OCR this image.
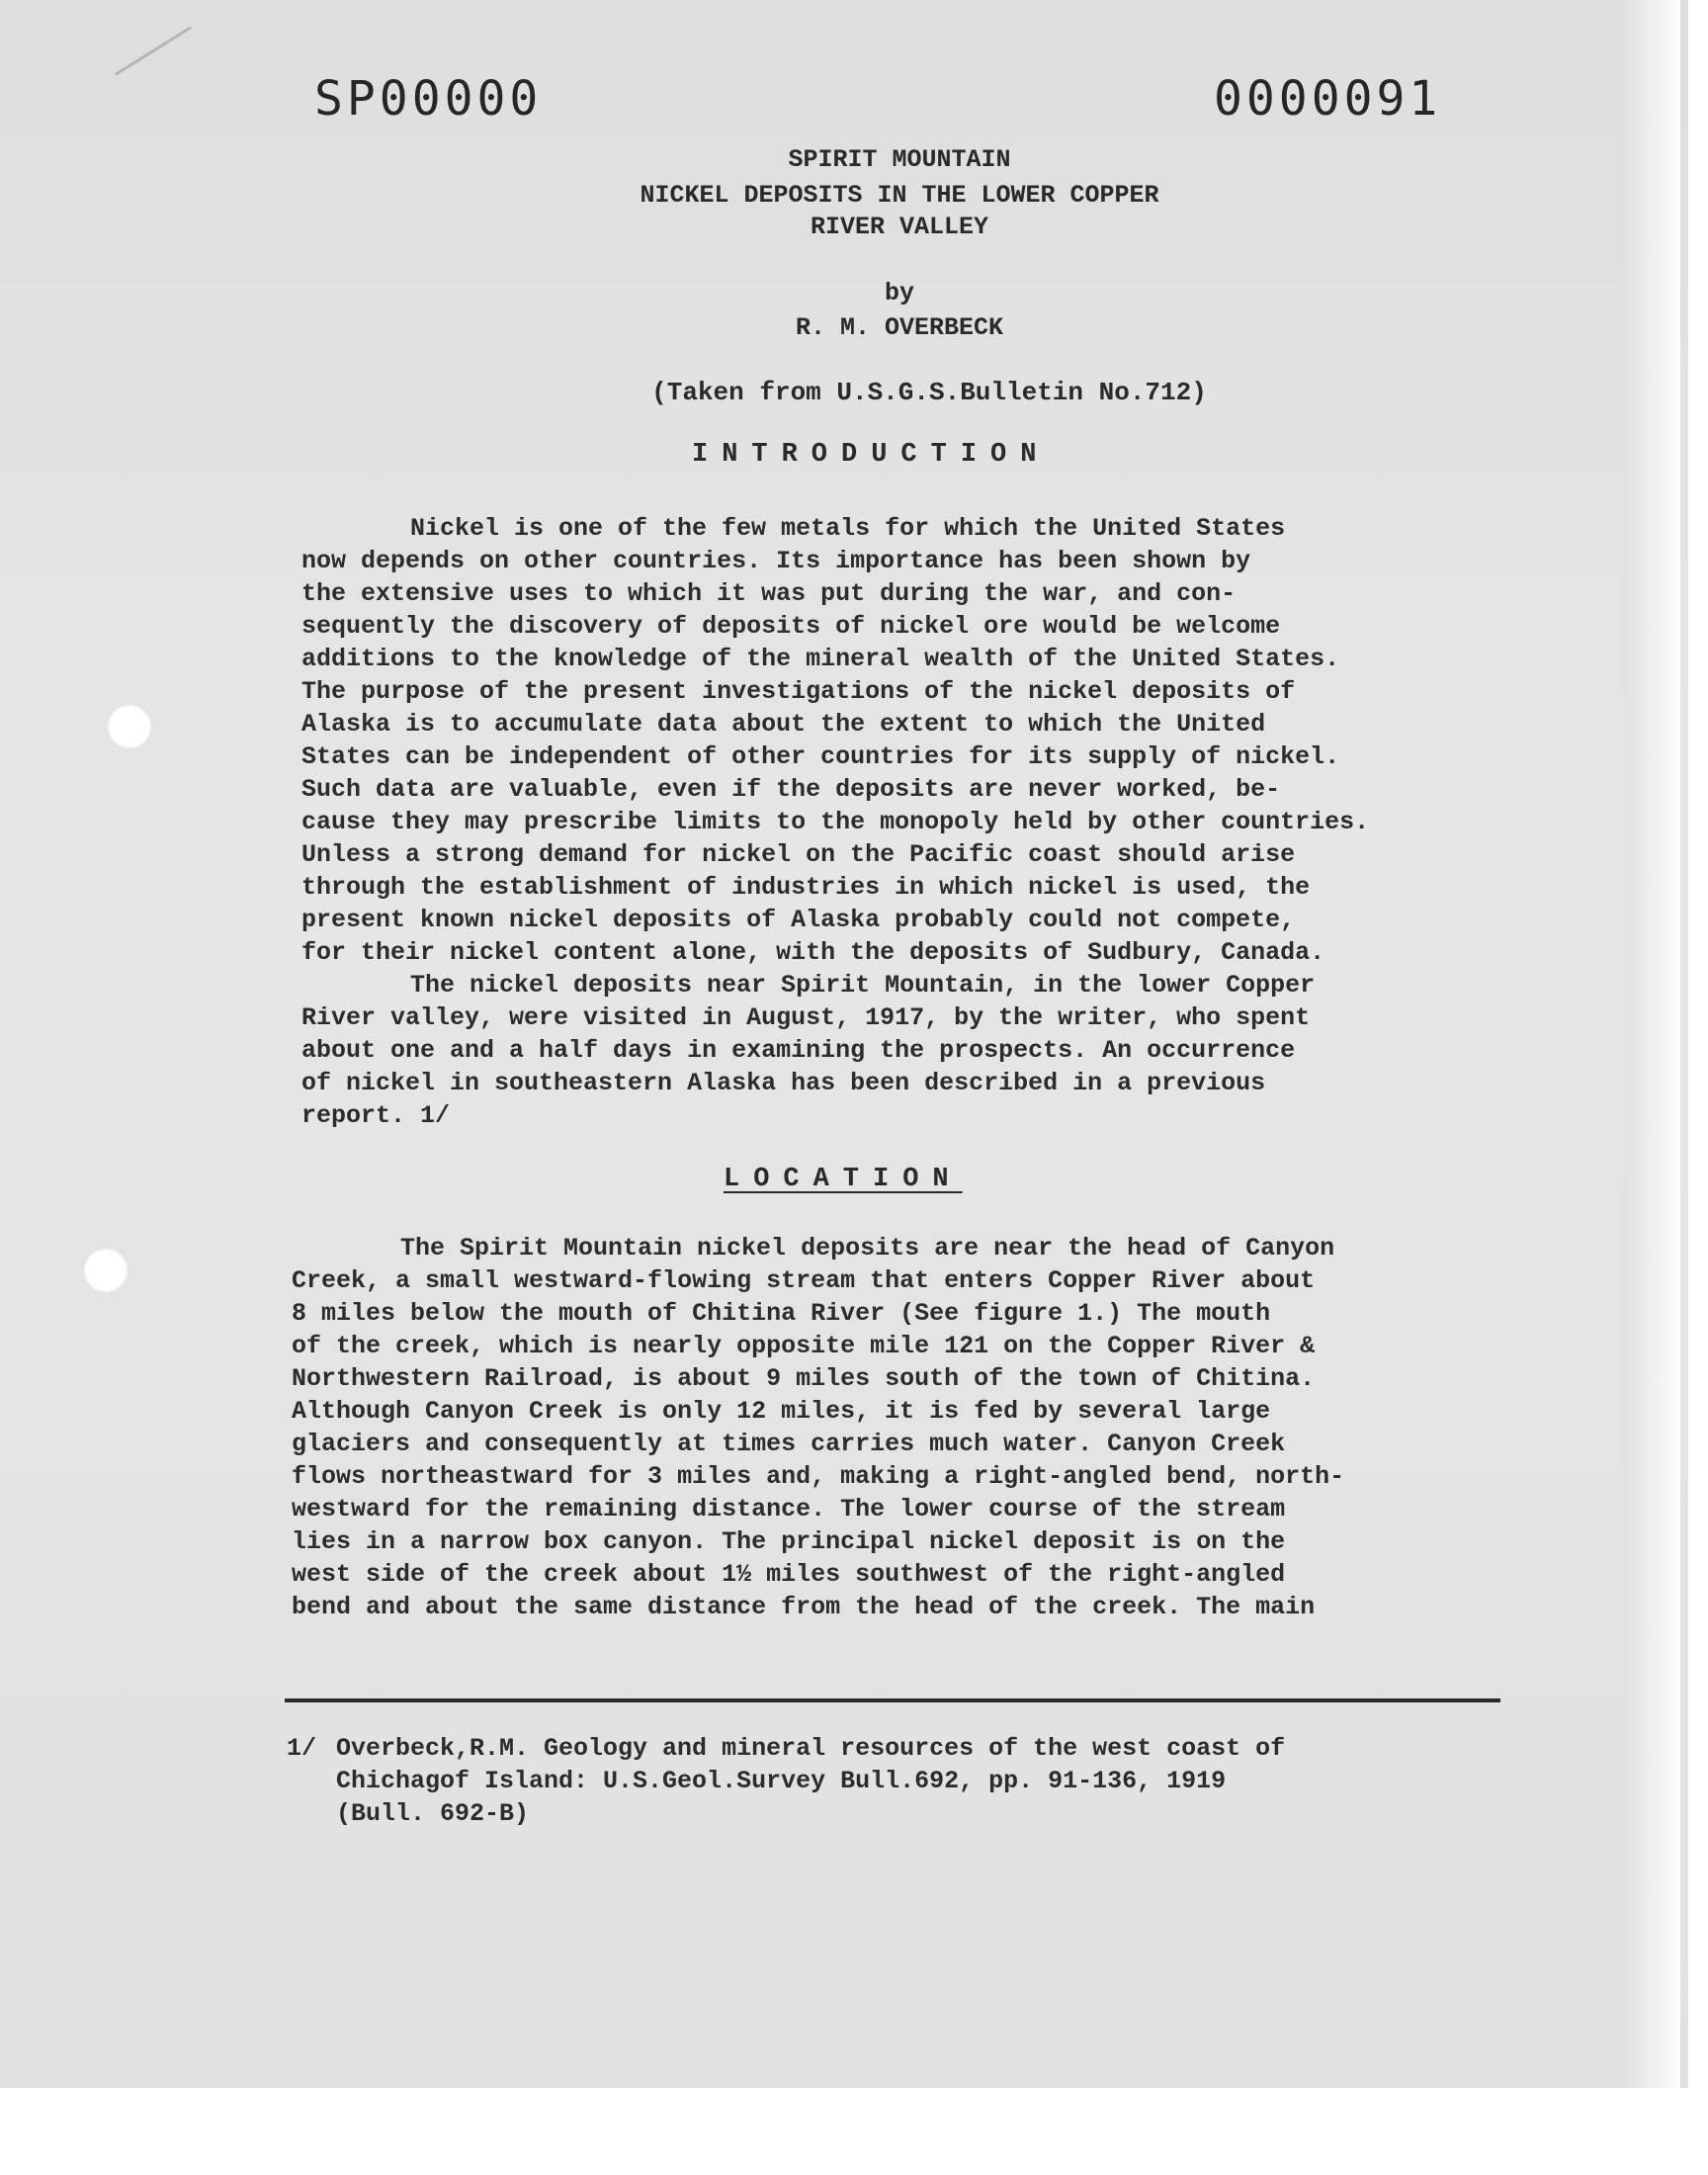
SP00000	0000091
SPIRIT MOUNTAIN
NICKEL DEPOSITS IN THE LOWER COPPER
RIVER VALLEY
by
R. M. OVERBECK
(Taken from U.S.G.S.Bulletin No.712)
INTRODUCTION
Nickel is one of the few metals for which the United States
now depends on other countries. Its importance has been shown by
the extensive uses to which it was put during the war, and con-
sequently the discovery of deposits of nickel ore would be welcome
additions to the knowledge of the mineral wealth of the United States.
The purpose of the present investigations of the nickel deposits of
Alaska is to accumulate data about the extent to which the United
States can be independent of other countries for its supply of nickel.
Such data are valuable, even if the deposits are never worked, be-
cause they may prescribe limits to the monopoly held by other countries.
Unless a strong demand for nickel on the Pacific coast should arise
through the establishment of industries in which nickel is used, the
present known nickel deposits of Alaska probably could not compete,
for their nickel content alone, with the deposits of Sudbury, Canada.
The nickel deposits near Spirit Mountain, in the lower Copper
River valley, were visited in August, 1917, by the writer, who spent
about one and a half days in examining the prospects. An occurrence
of nickel in southeastern Alaska has been described in a previous
report. 1/
LOCATION
The Spirit Mountain nickel deposits are near the head of Canyon
Creek, a small westward-flowing stream that enters Copper River about
8 miles below the mouth of Chitina River (See figure 1.) The mouth
of the creek, which is nearly opposite mile 121 on the Copper River &
Northwestern Railroad, is about 9 miles south of the town of Chitina.
Although Canyon Creek is only 12 miles, it is fed by several large
glaciers and consequently at times carries much water. Canyon Creek
flows northeastward for 3 miles and, making a right-angled bend, north-
westward for the remaining distance. The lower course of the stream
lies in a narrow box canyon. The principal nickel deposit is on the
west side of the creek about 1½ miles southwest of the right-angled
bend and about the same distance from the head of the creek. The main
1/ Overbeck,R.M. Geology and mineral resources of the west coast of
Chichagof Island: U.S.Geol.Survey Bull.692, pp. 91-136, 1919
(Bull. 692-B)
